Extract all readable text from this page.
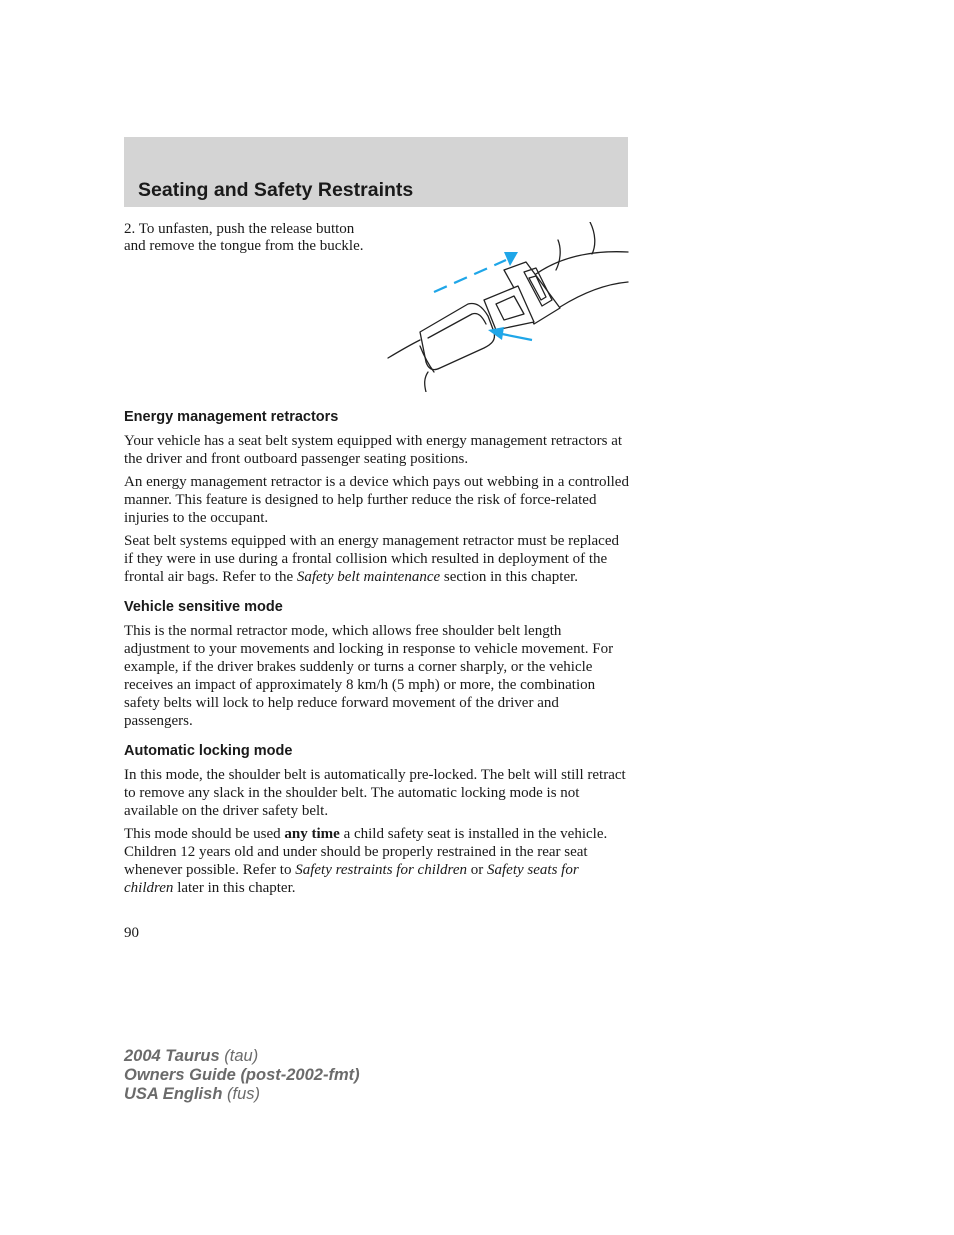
Seating and Safety Restraints

2. To unfasten, push the release button and remove the tongue from the buckle.

Energy management retractors

Your vehicle has a seat belt system equipped with energy management retractors at the driver and front outboard passenger seating positions.

An energy management retractor is a device which pays out webbing in a controlled manner. This feature is designed to help further reduce the risk of force-related injuries to the occupant.

Seat belt systems equipped with an energy management retractor must be replaced if they were in use during a frontal collision which resulted in deployment of the frontal air bags. Refer to the Safety belt maintenance section in this chapter.

Vehicle sensitive mode

This is the normal retractor mode, which allows free shoulder belt length adjustment to your movements and locking in response to vehicle movement. For example, if the driver brakes suddenly or turns a corner sharply, or the vehicle receives an impact of approximately 8 km/h (5 mph) or more, the combination safety belts will lock to help reduce forward movement of the driver and passengers.

Automatic locking mode

In this mode, the shoulder belt is automatically pre-locked. The belt will still retract to remove any slack in the shoulder belt. The automatic locking mode is not available on the driver safety belt.

This mode should be used any time a child safety seat is installed in the vehicle. Children 12 years old and under should be properly restrained in the rear seat whenever possible. Refer to Safety restraints for children or Safety seats for children later in this chapter.

90

2004 Taurus (tau)
Owners Guide (post-2002-fmt)
USA English (fus)
